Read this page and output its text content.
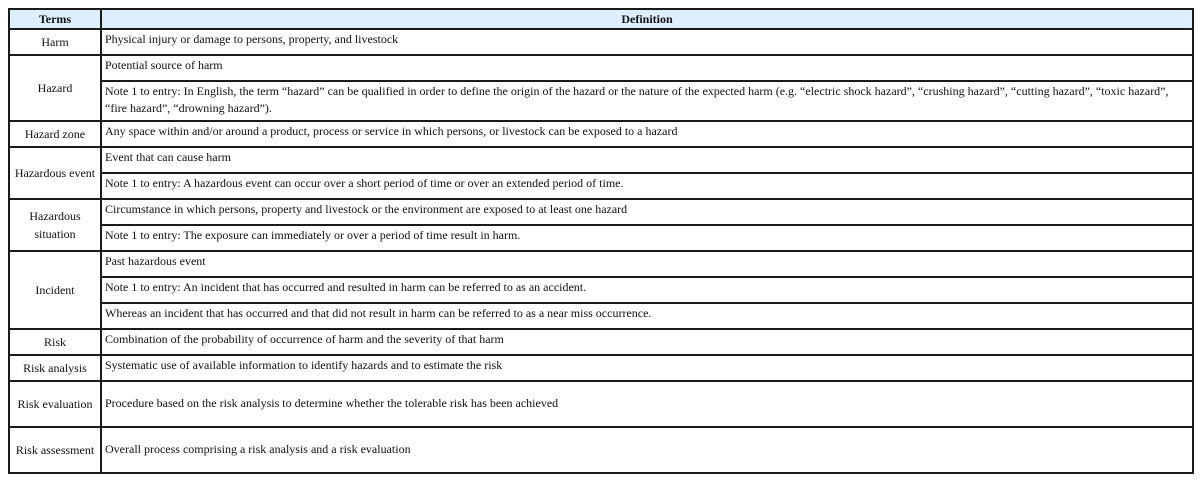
Terms	Definition
Harm	Physical injury or damage to persons, property, and livestock
Hazard	Potential source of harm
	Note 1 to entry: In English, the term “hazard” can be qualified in order to define the origin of the hazard or the nature of the expected harm (e.g. “electric shock hazard”, “crushing hazard”, “cutting hazard”, “toxic hazard”, “fire hazard”, “drowning hazard”).
Hazard zone	Any space within and/or around a product, process or service in which persons, or livestock can be exposed to a hazard
Hazardous event	Event that can cause harm
	Note 1 to entry: A hazardous event can occur over a short period of time or over an extended period of time.
Hazardous situation	Circumstance in which persons, property and livestock or the environment are exposed to at least one hazard
	Note 1 to entry: The exposure can immediately or over a period of time result in harm.
Incident	Past hazardous event
	Note 1 to entry: An incident that has occurred and resulted in harm can be referred to as an accident.
	Whereas an incident that has occurred and that did not result in harm can be referred to as a near miss occurrence.
Risk	Combination of the probability of occurrence of harm and the severity of that harm
Risk analysis	Systematic use of available information to identify hazards and to estimate the risk
Risk evaluation	Procedure based on the risk analysis to determine whether the tolerable risk has been achieved
Risk assessment	Overall process comprising a risk analysis and a risk evaluation
